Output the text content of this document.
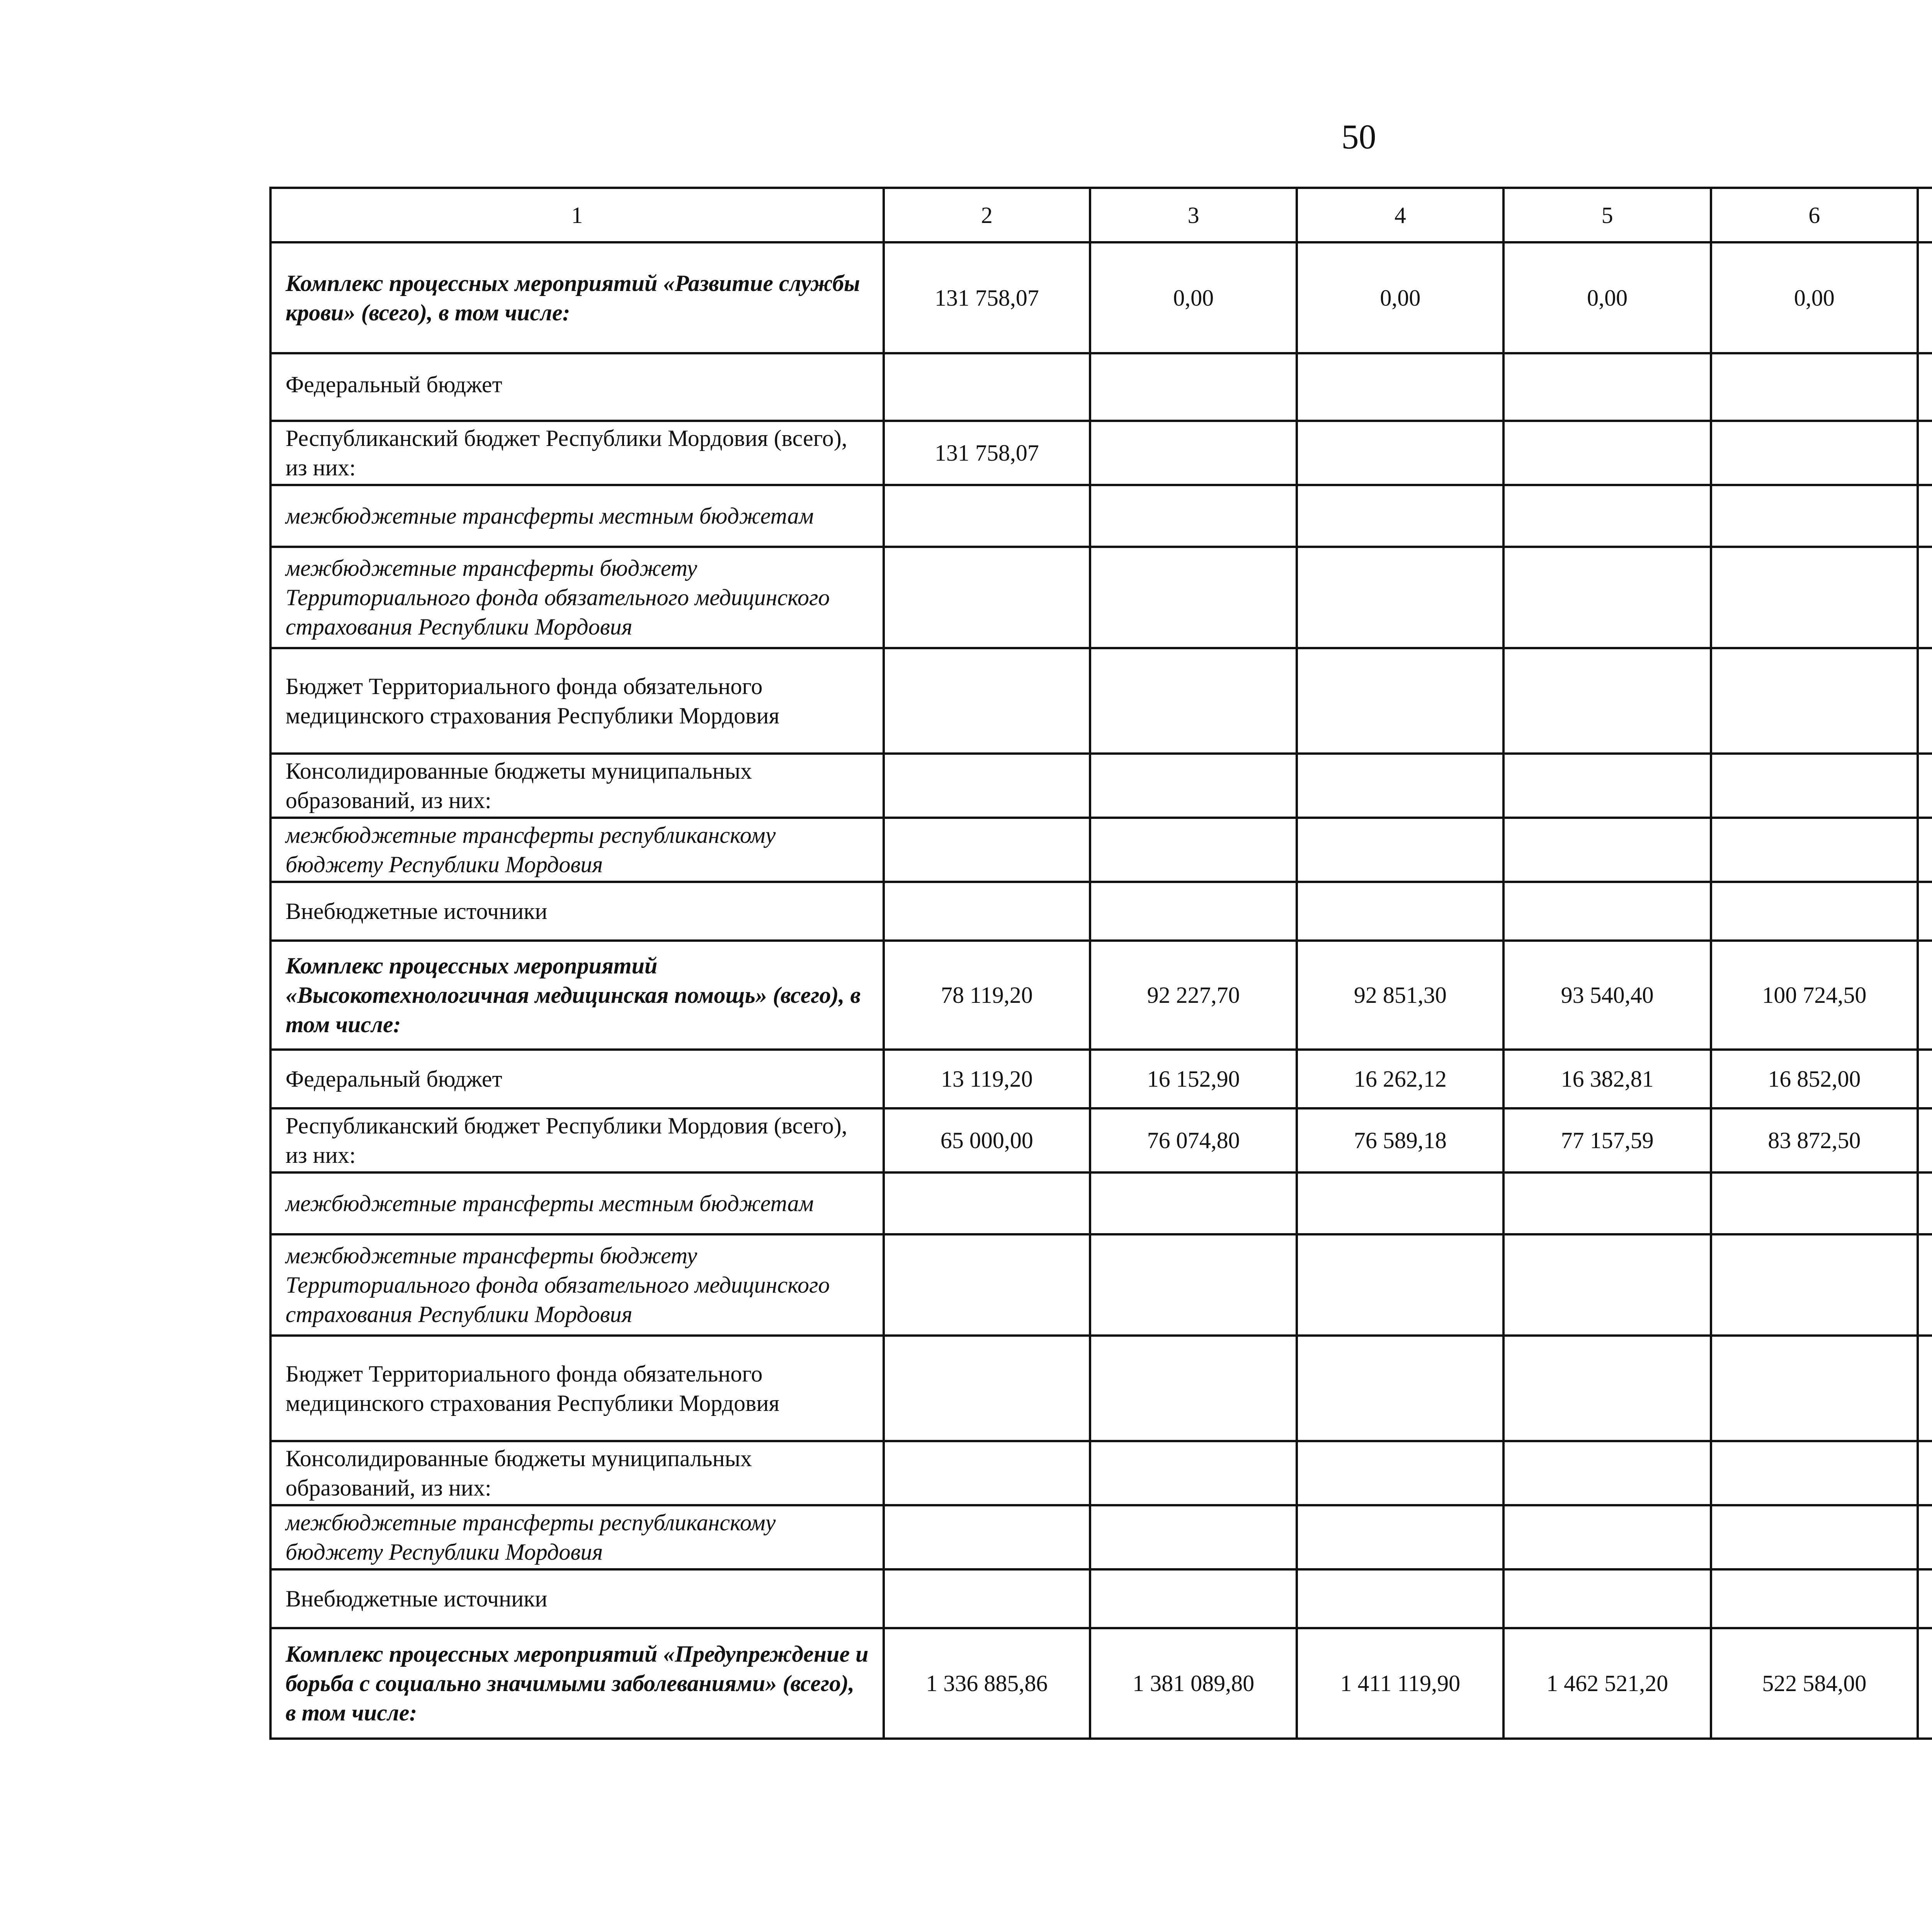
50
1	2	3	4	5	6			
Комплекс процессных мероприятий «Развитие службы крови» (всего), в том числе:	131 758,07	0,00	0,00	0,00	0,00			
Федеральный бюджет								
Республиканский бюджет Республики Мордовия (всего), из них:	131 758,07							
межбюджетные трансферты местным бюджетам								
межбюджетные трансферты бюджету Территориального фонда обязательного медицинского страхования Республики Мордовия								
Бюджет Территориального фонда обязательного медицинского страхования Республики Мордовия								
Консолидированные бюджеты муниципальных образований, из них:								
межбюджетные трансферты республиканскому бюджету Республики Мордовия								
Внебюджетные источники								
Комплекс процессных мероприятий «Высокотехнологичная медицинская помощь» (всего), в том числе:	78 119,20	92 227,70	92 851,30	93 540,40	100 724,50			
Федеральный бюджет	13 119,20	16 152,90	16 262,12	16 382,81	16 852,00			
Республиканский бюджет Республики Мордовия (всего), из них:	65 000,00	76 074,80	76 589,18	77 157,59	83 872,50			
межбюджетные трансферты местным бюджетам								
межбюджетные трансферты бюджету Территориального фонда обязательного медицинского страхования Республики Мордовия								
Бюджет Территориального фонда обязательного медицинского страхования Республики Мордовия								
Консолидированные бюджеты муниципальных образований, из них:								
межбюджетные трансферты республиканскому бюджету Республики Мордовия								
Внебюджетные источники								
Комплекс процессных мероприятий «Предупреждение и борьба с социально значимыми заболеваниями» (всего), в том числе:	1 336 885,86	1 381 089,80	1 411 119,90	1 462 521,20	522 584,00			
